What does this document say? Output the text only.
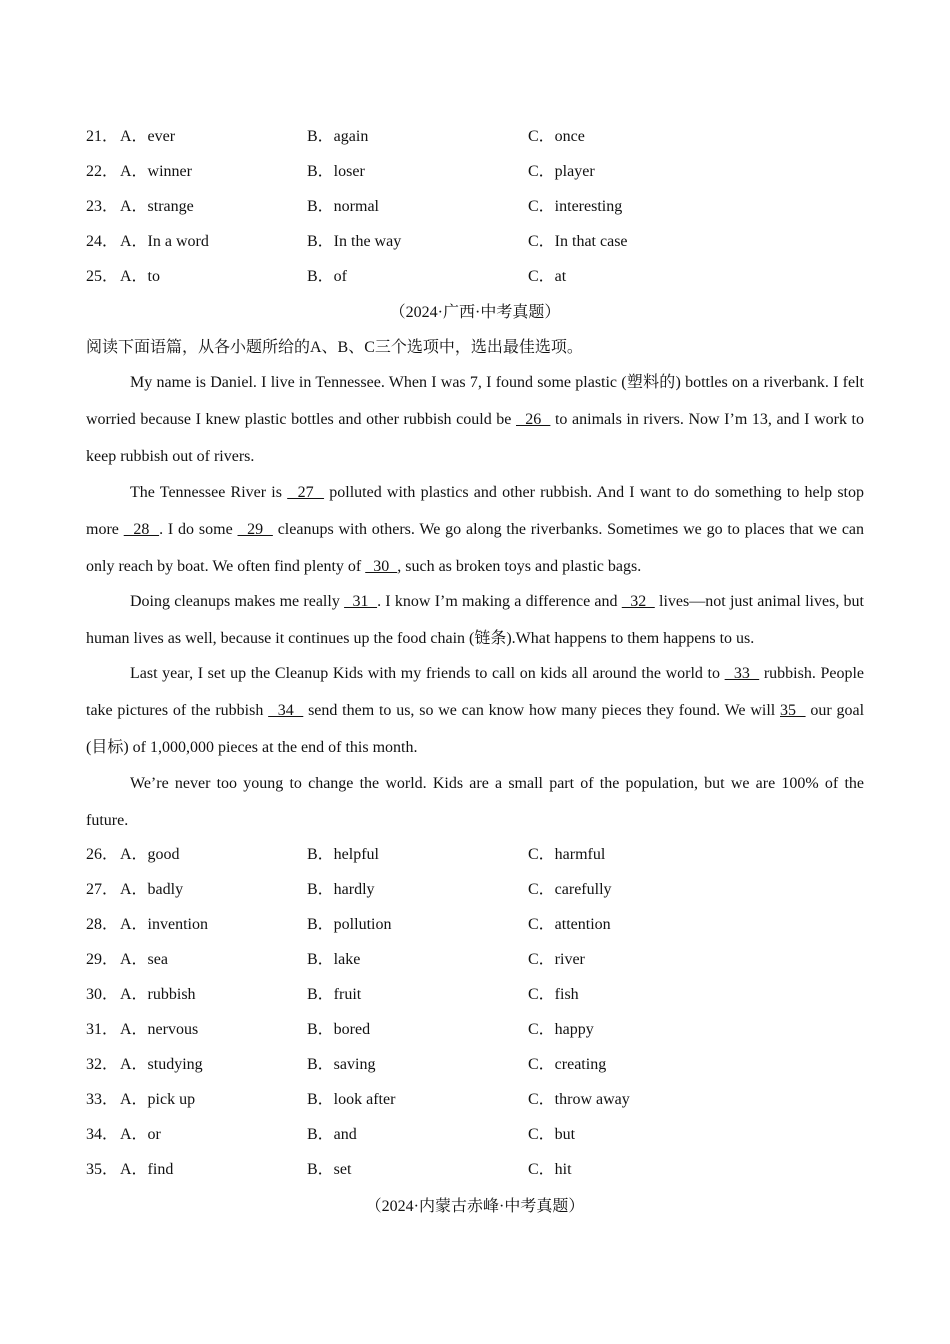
21． A．ever	B．again	C．once
22． A．winner	B．loser	C．player
23． A．strange	B．normal	C．interesting
24． A．In a word	B．In the way	C．In that case
25． A．to	B．of	C．at
（2024·广西·中考真题）
阅读下面语篇，从各小题所给的A、B、C三个选项中，选出最佳选项。

My name is Daniel. I live in Tennessee. When I was 7, I found some plastic (塑料的) bottles on a riverbank. I felt worried because I knew plastic bottles and other rubbish could be   26   to animals in rivers. Now I’m 13, and I work to keep rubbish out of rivers.

The Tennessee River is   27   polluted with plastics and other rubbish. And I want to do something to help stop more   28  . I do some   29   cleanups with others. We go along the riverbanks. Sometimes we go to places that we can only reach by boat. We often find plenty of   30  , such as broken toys and plastic bags.

Doing cleanups makes me really   31  . I know I’m making a difference and   32   lives—not just animal lives, but human lives as well, because it continues up the food chain (链条).What happens to them happens to us.

Last year, I set up the Cleanup Kids with my friends to call on kids all around the world to   33   rubbish. People take pictures of the rubbish   34   send them to us, so we can know how many pieces they found. We will 35   our goal (目标) of 1,000,000 pieces at the end of this month.

We’re never too young to change the world. Kids are a small part of the population, but we are 100% of the future.

26． A．good	B．helpful	C．harmful
27． A．badly	B．hardly	C．carefully
28． A．invention	B．pollution	C．attention
29． A．sea	B．lake	C．river
30． A．rubbish	B．fruit	C．fish
31． A．nervous	B．bored	C．happy
32． A．studying	B．saving	C．creating
33． A．pick up	B．look after	C．throw away
34． A．or	B．and	C．but
35． A．find	B．set	C．hit
（2024·内蒙古赤峰·中考真题）
